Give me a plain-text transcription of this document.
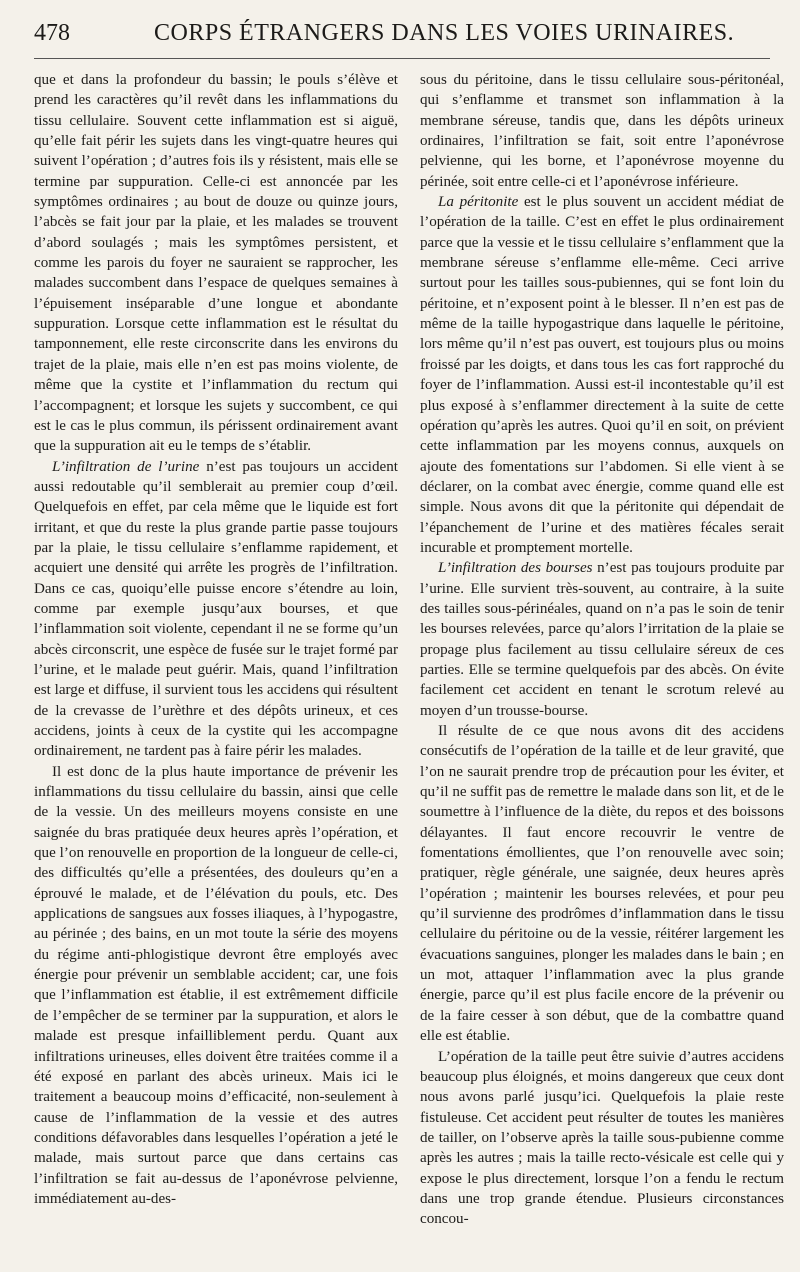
478	CORPS ÉTRANGERS DANS LES VOIES URINAIRES.

que et dans la profondeur du bassin; le pouls s’élève et prend les caractères qu’il revêt dans les inflammations du tissu cellulaire. Souvent cette inflammation est si aiguë, qu’elle fait périr les sujets dans les vingt-quatre heures qui suivent l’opération ; d’autres fois ils y résistent, mais elle se termine par suppuration. Celle-ci est annoncée par les symptômes ordinaires ; au bout de douze ou quinze jours, l’abcès se fait jour par la plaie, et les malades se trouvent d’abord soulagés ; mais les symptômes persistent, et comme les parois du foyer ne sauraient se rapprocher, les malades succombent dans l’espace de quelques semaines à l’épuisement inséparable d’une longue et abondante suppuration. Lorsque cette inflammation est le résultat du tamponnement, elle reste circonscrite dans les environs du trajet de la plaie, mais elle n’en est pas moins violente, de même que la cystite et l’inflammation du rectum qui l’accompagnent; et lorsque les sujets y succombent, ce qui est le cas le plus commun, ils périssent ordinairement avant que la suppuration ait eu le temps de s’établir.

L’infiltration de l’urine n’est pas toujours un accident aussi redoutable qu’il semblerait au premier coup d’œil. Quelquefois en effet, par cela même que le liquide est fort irritant, et que du reste la plus grande partie passe toujours par la plaie, le tissu cellulaire s’enflamme rapidement, et acquiert une densité qui arrête les progrès de l’infiltration. Dans ce cas, quoiqu’elle puisse encore s’étendre au loin, comme par exemple jusqu’aux bourses, et que l’inflammation soit violente, cependant il ne se forme qu’un abcès circonscrit, une espèce de fusée sur le trajet formé par l’urine, et le malade peut guérir. Mais, quand l’infiltration est large et diffuse, il survient tous les accidens qui résultent de la crevasse de l’urèthre et des dépôts urineux, et ces accidens, joints à ceux de la cystite qui les accompagne ordinairement, ne tardent pas à faire périr les malades.

Il est donc de la plus haute importance de prévenir les inflammations du tissu cellulaire du bassin, ainsi que celle de la vessie. Un des meilleurs moyens consiste en une saignée du bras pratiquée deux heures après l’opération, et que l’on renouvelle en proportion de la longueur de celle-ci, des difficultés qu’elle a présentées, des douleurs qu’en a éprouvé le malade, et de l’élévation du pouls, etc. Des applications de sangsues aux fosses iliaques, à l’hypogastre, au périnée ; des bains, en un mot toute la série des moyens du régime anti-phlogistique devront être employés avec énergie pour prévenir un semblable accident; car, une fois que l’inflammation est établie, il est extrêmement difficile de l’empêcher de se terminer par la suppuration, et alors le malade est presque infailliblement perdu. Quant aux infiltrations urineuses, elles doivent être traitées comme il a été exposé en parlant des abcès urineux. Mais ici le traitement a beaucoup moins d’efficacité, non-seulement à cause de l’inflammation de la vessie et des autres conditions défavorables dans lesquelles l’opération a jeté le malade, mais surtout parce que dans certains cas l’infiltration se fait au-dessus de l’aponévrose pelvienne, immédiatement au-des-

sous du péritoine, dans le tissu cellulaire sous-péritonéal, qui s’enflamme et transmet son inflammation à la membrane séreuse, tandis que, dans les dépôts urineux ordinaires, l’infiltration se fait, soit entre l’aponévrose pelvienne, qui les borne, et l’aponévrose moyenne du périnée, soit entre celle-ci et l’aponévrose inférieure.

La péritonite est le plus souvent un accident médiat de l’opération de la taille. C’est en effet le plus ordinairement parce que la vessie et le tissu cellulaire s’enflamment que la membrane séreuse s’enflamme elle-même. Ceci arrive surtout pour les tailles sous-pubiennes, qui se font loin du péritoine, et n’exposent point à le blesser. Il n’en est pas de même de la taille hypogastrique dans laquelle le péritoine, lors même qu’il n’est pas ouvert, est toujours plus ou moins froissé par les doigts, et dans tous les cas fort rapproché du foyer de l’inflammation. Aussi est-il incontestable qu’il est plus exposé à s’enflammer directement à la suite de cette opération qu’après les autres. Quoi qu’il en soit, on prévient cette inflammation par les moyens connus, auxquels on ajoute des fomentations sur l’abdomen. Si elle vient à se déclarer, on la combat avec énergie, comme quand elle est simple. Nous avons dit que la péritonite qui dépendait de l’épanchement de l’urine et des matières fécales serait incurable et promptement mortelle.

L’infiltration des bourses n’est pas toujours produite par l’urine. Elle survient très-souvent, au contraire, à la suite des tailles sous-périnéales, quand on n’a pas le soin de tenir les bourses relevées, parce qu’alors l’irritation de la plaie se propage plus facilement au tissu cellulaire séreux de ces parties. Elle se termine quelquefois par des abcès. On évite facilement cet accident en tenant le scrotum relevé au moyen d’un trousse-bourse.

Il résulte de ce que nous avons dit des accidens consécutifs de l’opération de la taille et de leur gravité, que l’on ne saurait prendre trop de précaution pour les éviter, et qu’il ne suffit pas de remettre le malade dans son lit, et de le soumettre à l’influence de la diète, du repos et des boissons délayantes. Il faut encore recouvrir le ventre de fomentations émollientes, que l’on renouvelle avec soin; pratiquer, règle générale, une saignée, deux heures après l’opération ; maintenir les bourses relevées, et pour peu qu’il survienne des prodrômes d’inflammation dans le tissu cellulaire du péritoine ou de la vessie, réitérer largement les évacuations sanguines, plonger les malades dans le bain ; en un mot, attaquer l’inflammation avec la plus grande énergie, parce qu’il est plus facile encore de la prévenir ou de la faire cesser à son début, que de la combattre quand elle est établie.

L’opération de la taille peut être suivie d’autres accidens beaucoup plus éloignés, et moins dangereux que ceux dont nous avons parlé jusqu’ici. Quelquefois la plaie reste fistuleuse. Cet accident peut résulter de toutes les manières de tailler, on l’observe après la taille sous-pubienne comme après les autres ; mais la taille recto-vésicale est celle qui y expose le plus directement, lorsque l’on a fendu le rectum dans une trop grande étendue. Plusieurs circonstances concou-
